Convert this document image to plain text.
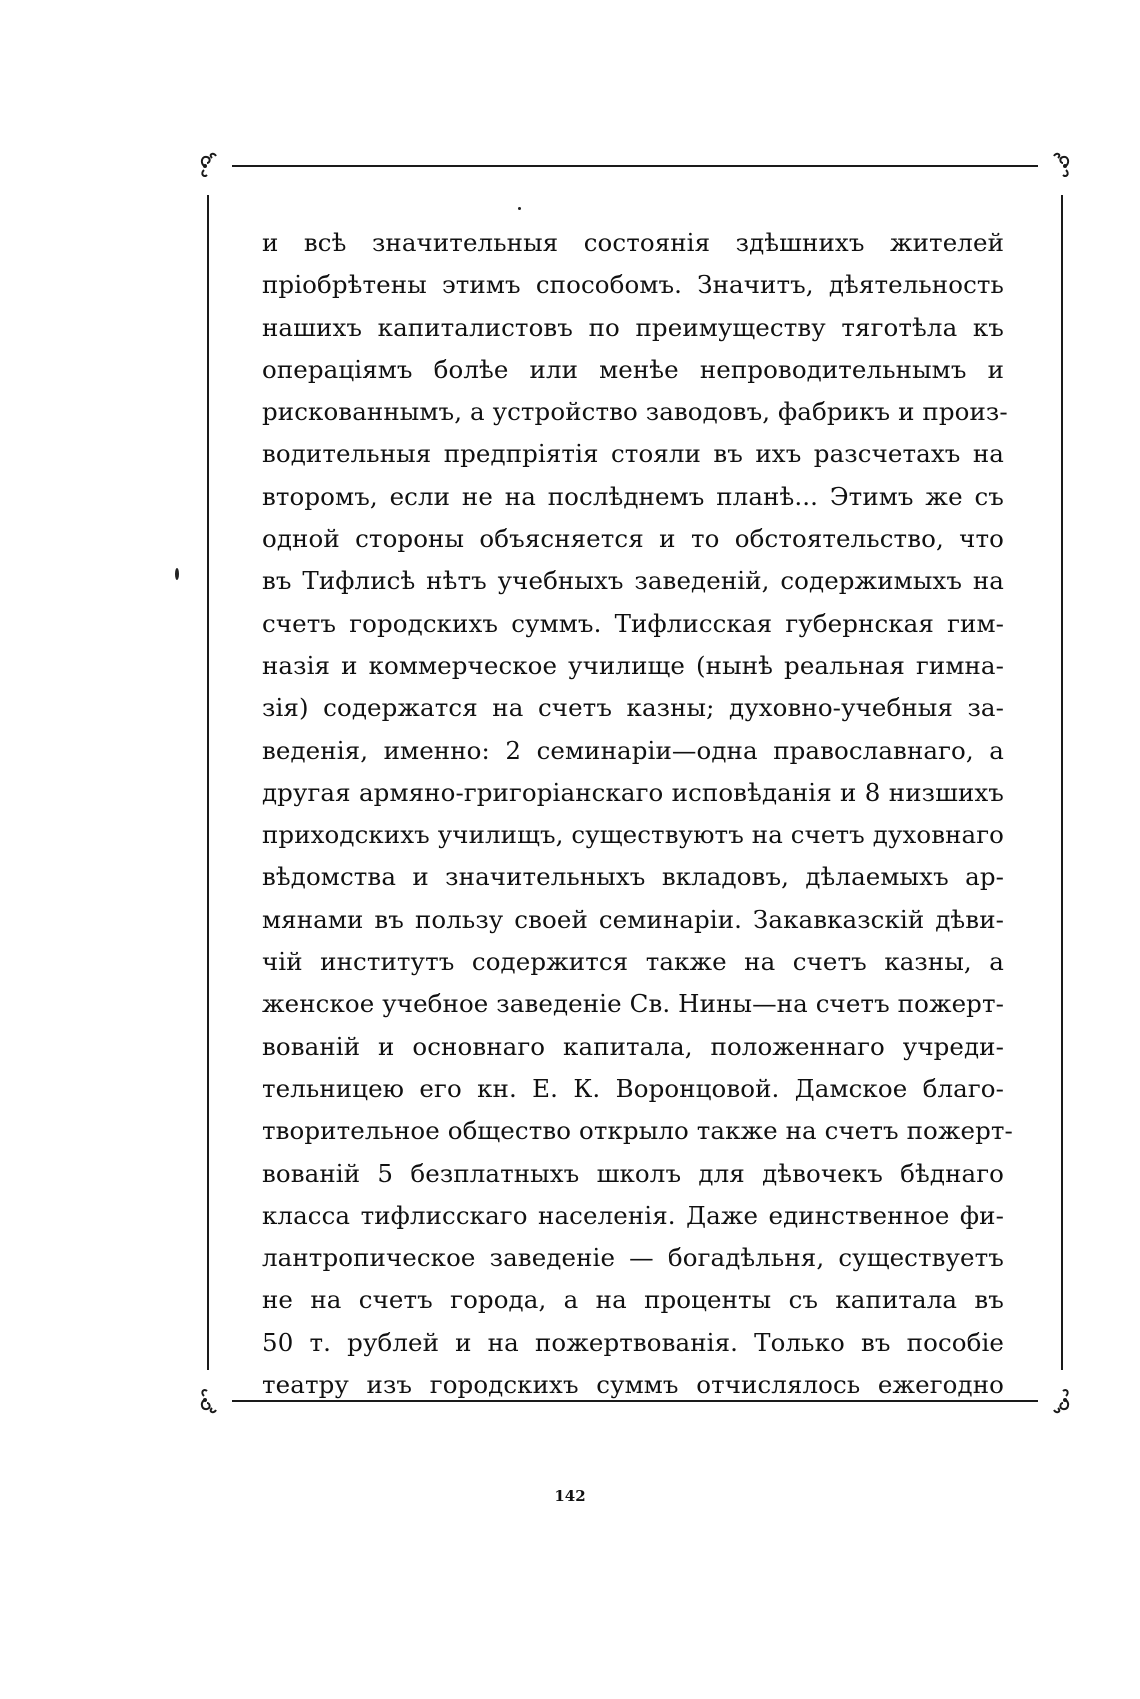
и всѣ значительныя состоянія здѣшнихъ жителей
пріобрѣтены этимъ способомъ. Значитъ, дѣятельность
нашихъ капиталистовъ по преимуществу тяготѣла къ
операціямъ болѣе или менѣе непроводительнымъ и
рискованнымъ, а устройство заводовъ, фабрикъ и произ-
водительныя предпріятія стояли въ ихъ разсчетахъ на
второмъ, если не на послѣднемъ планѣ... Этимъ же съ
одной стороны объясняется и то обстоятельство, что
въ Тифлисѣ нѣтъ учебныхъ заведеній, содержимыхъ на
счетъ городскихъ суммъ. Тифлисская губернская гим-
назія и коммерческое училище (нынѣ реальная гимна-
зія) содержатся на счетъ казны; духовно-учебныя за-
веденія, именно: 2 семинаріи—одна православнаго, а
другая армяно-григоріанскаго исповѣданія и 8 низшихъ
приходскихъ училищъ, существуютъ на счетъ духовнаго
вѣдомства и значительныхъ вкладовъ, дѣлаемыхъ ар-
мянами въ пользу своей семинаріи. Закавказскій дѣви-
чій институтъ содержится также на счетъ казны, а
женское учебное заведеніе Св. Нины—на счетъ пожерт-
вованій и основнаго капитала, положеннаго учреди-
тельницею его кн. Е. К. Воронцовой. Дамское благо-
творительное общество открыло также на счетъ пожерт-
вованій 5 безплатныхъ школъ для дѣвочекъ бѣднаго
класса тифлисскаго населенія. Даже единственное фи-
лантропическое заведеніе — богадѣльня, существуетъ
не на счетъ города, а на проценты съ капитала въ
50 т. рублей и на пожертвованія. Только въ пособіе
театру изъ городскихъ суммъ отчислялось ежегодно
142
